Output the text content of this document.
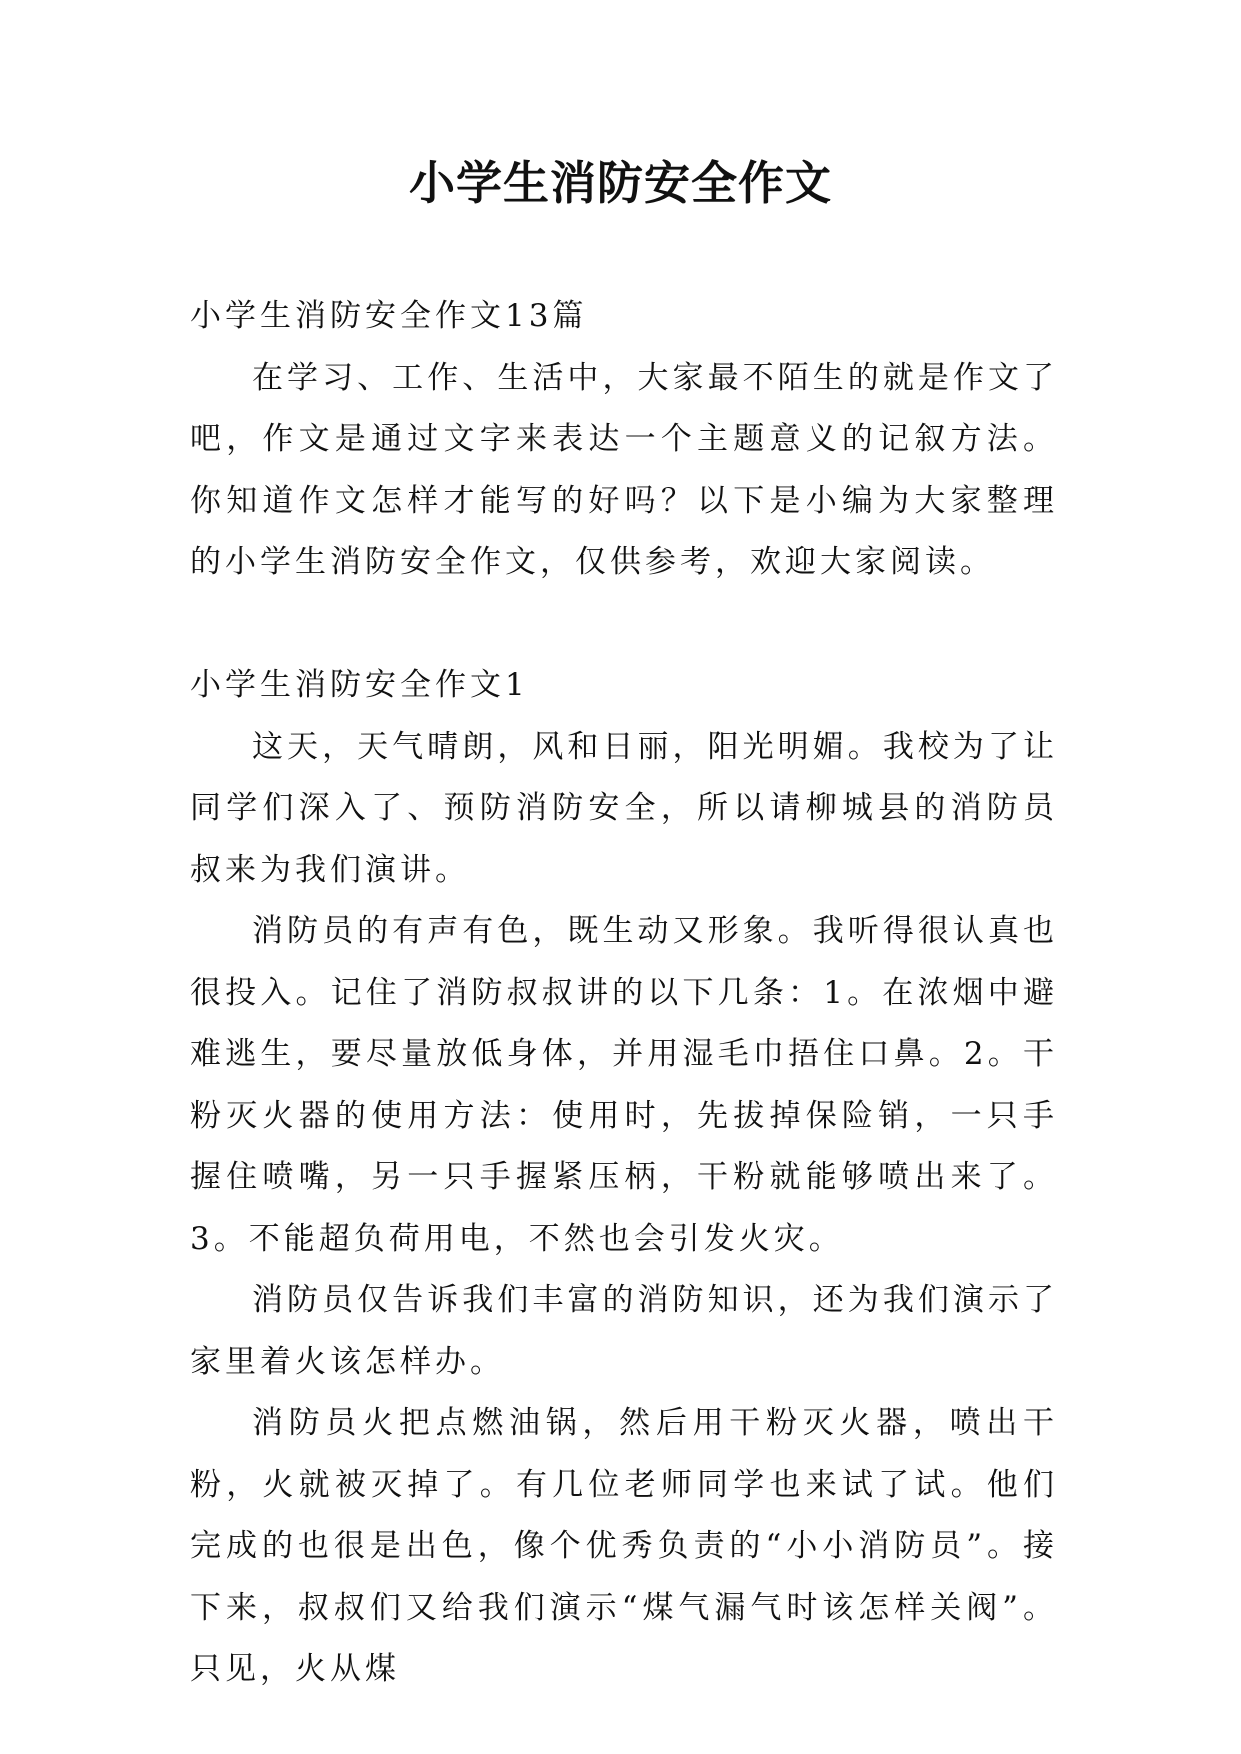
小学生消防安全作文

小学生消防安全作文13篇

在学习、工作、生活中，大家最不陌生的就是作文了吧，作文是通过文字来表达一个主题意义的记叙方法。你知道作文怎样才能写的好吗？以下是小编为大家整理的小学生消防安全作文，仅供参考，欢迎大家阅读。

小学生消防安全作文1

这天，天气晴朗，风和日丽，阳光明媚。我校为了让同学们深入了、预防消防安全，所以请柳城县的消防员叔来为我们演讲。

消防员的有声有色，既生动又形象。我听得很认真也很投入。记住了消防叔叔讲的以下几条：1。在浓烟中避难逃生，要尽量放低身体，并用湿毛巾捂住口鼻。2。干粉灭火器的使用方法：使用时，先拔掉保险销，一只手握住喷嘴，另一只手握紧压柄，干粉就能够喷出来了。3。不能超负荷用电，不然也会引发火灾。

消防员仅告诉我们丰富的消防知识，还为我们演示了家里着火该怎样办。

消防员火把点燃油锅，然后用干粉灭火器，喷出干粉，火就被灭掉了。有几位老师同学也来试了试。他们完成的也很是出色，像个优秀负责的“小小消防员”。接下来，叔叔们又给我们演示“煤气漏气时该怎样关阀”。只见，火从煤
